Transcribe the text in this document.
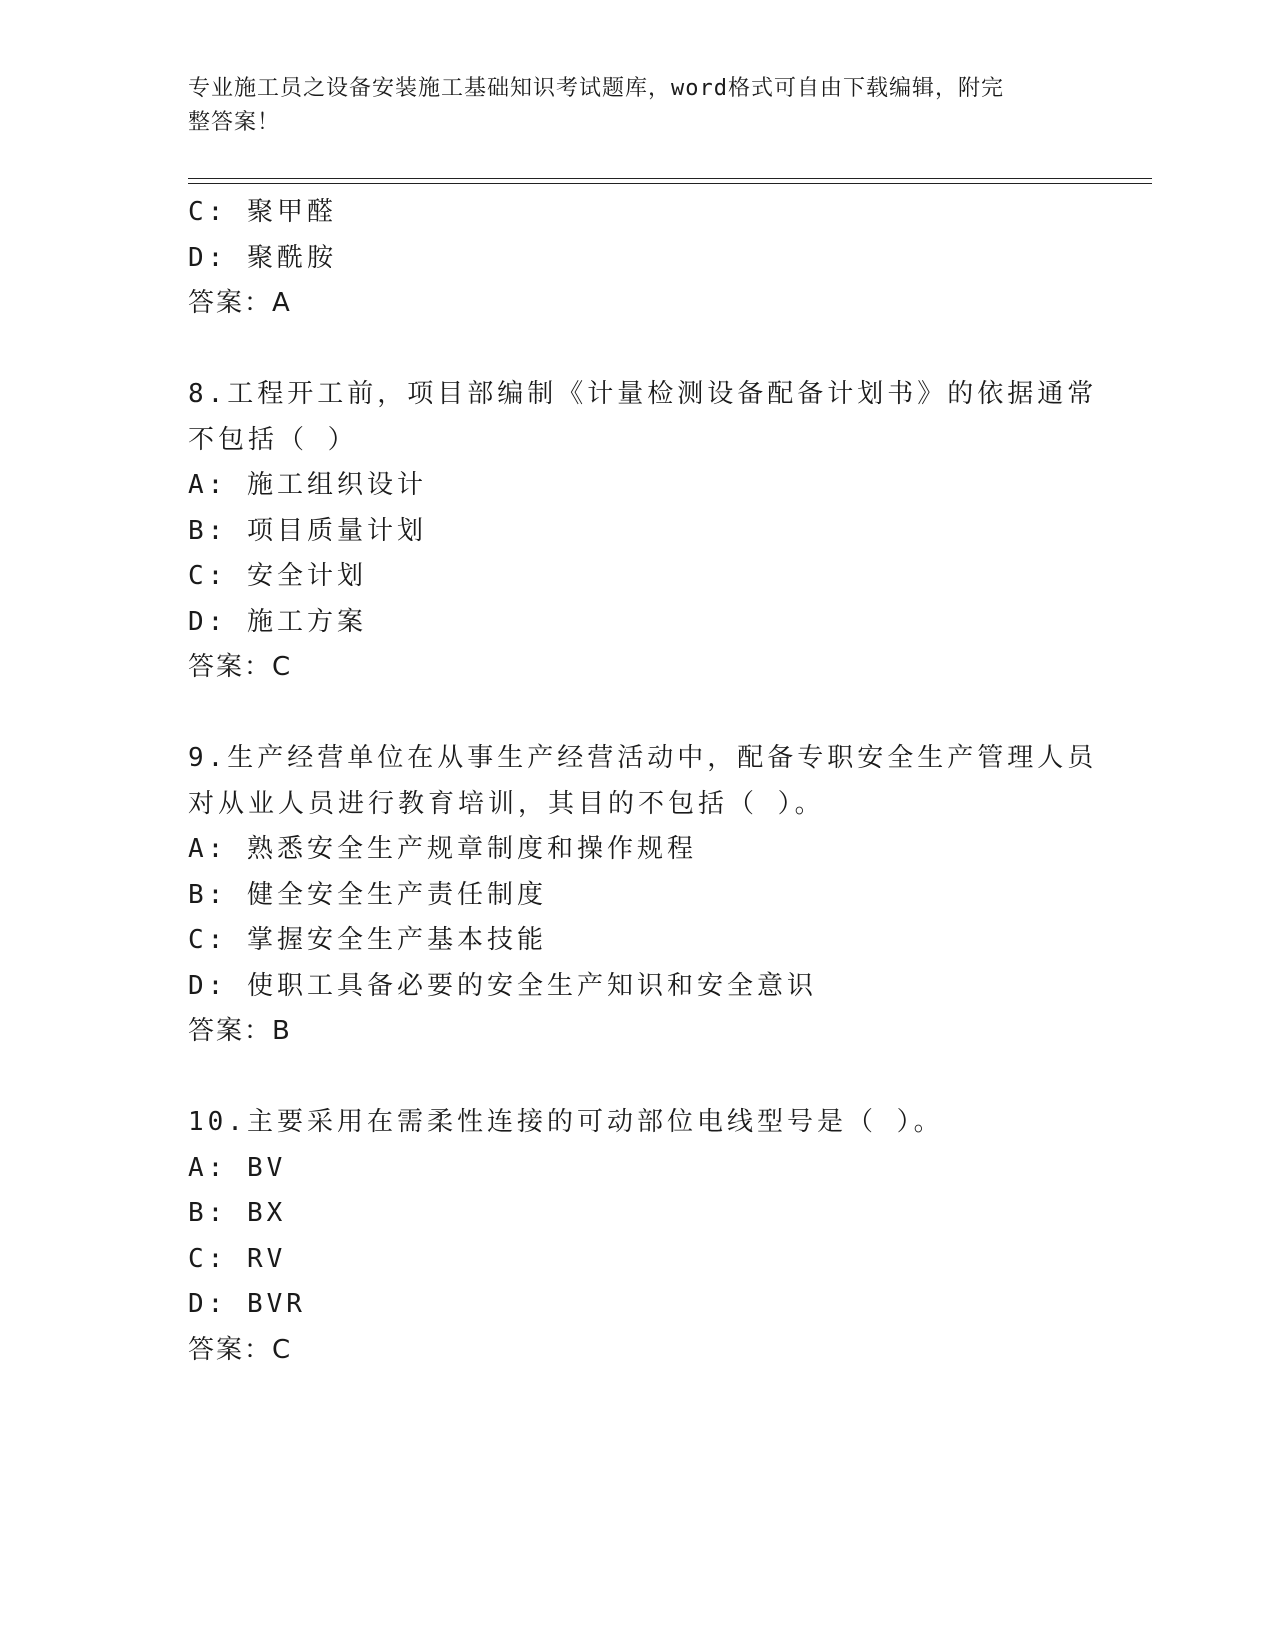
专业施工员之设备安装施工基础知识考试题库，word格式可自由下载编辑，附完
整答案！
C: 聚甲醛
D: 聚酰胺
答案：A
8.工程开工前，项目部编制《计量检测设备配备计划书》的依据通常
不包括（ ）
A: 施工组织设计
B: 项目质量计划
C: 安全计划
D: 施工方案
答案：C
9.生产经营单位在从事生产经营活动中，配备专职安全生产管理人员
对从业人员进行教育培训，其目的不包括（ ）。
A: 熟悉安全生产规章制度和操作规程
B: 健全安全生产责任制度
C: 掌握安全生产基本技能
D: 使职工具备必要的安全生产知识和安全意识
答案：B
10.主要采用在需柔性连接的可动部位电线型号是（ ）。
A: BV
B: BX
C: RV
D: BVR
答案：C
